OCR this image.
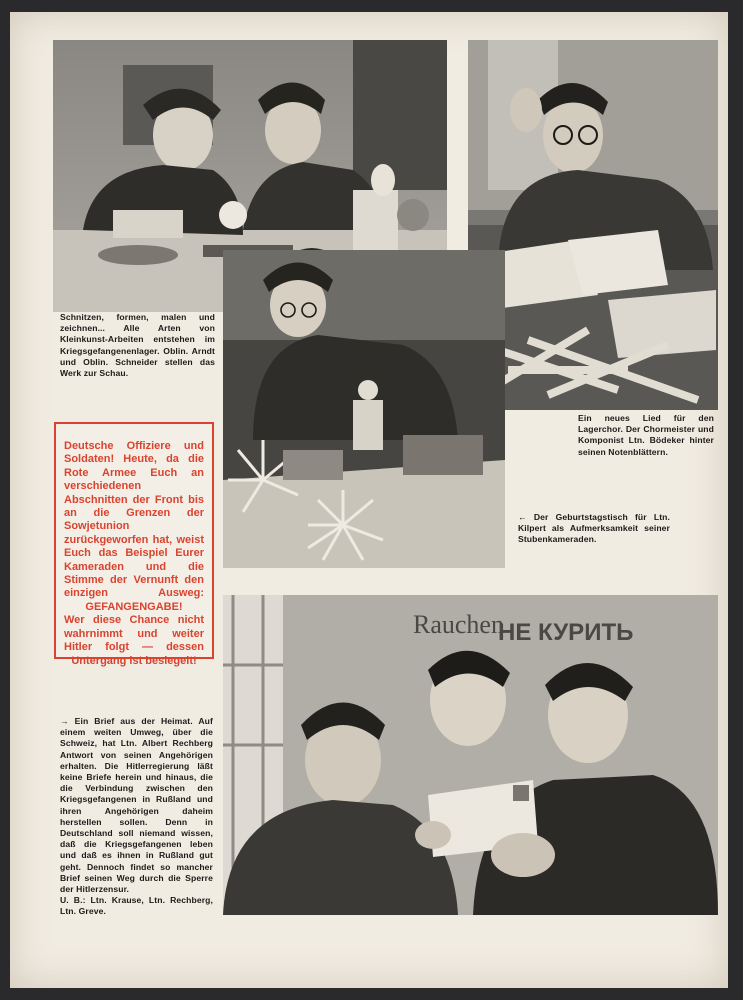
Schnitzen, formen, malen und zeichnen... Alle Arten von Kleinkunst-Arbeiten entstehen im Kriegsgefangenenlager. Oblin. Arndt und Oblin. Schneider stellen das Werk zur Schau.
Ein neues Lied für den Lagerchor. Der Chormeister und Komponist Ltn. Bödeker hinter seinen Notenblättern.

Deutsche Offiziere und Soldaten! Heute, da die Rote Armee Euch an verschiedenen Abschnitten der Front bis an die Grenzen der Sowjetunion zurückgeworfen hat, weist Euch das Beispiel Eurer Kameraden und die Stimme der Vernunft den einzigen Ausweg: GEFANGENGABE!

Wer diese Chance nicht wahrnimmt und weiter Hitler folgt — dessen Untergang ist besiegelt!

← Der Geburtstagstisch für Ltn. Kilpert als Aufmerksamkeit seiner Stubenkameraden.
Rauchen
НЕ КУРИТЬ
→ Ein Brief aus der Heimat. Auf einem weiten Umweg, über die Schweiz, hat Ltn. Albert Rechberg Antwort von seinen Angehörigen erhalten. Die Hitlerregierung läßt keine Briefe herein und hinaus, die die Verbindung zwischen den Kriegsgefangenen in Rußland und ihren Angehörigen daheim herstellen sollen. Denn in Deutschland soll niemand wissen, daß die Kriegsgefangenen leben und daß es ihnen in Rußland gut geht. Dennoch findet so mancher Brief seinen Weg durch die Sperre der Hitlerzensur.
U. B.: Ltn. Krause, Ltn. Rechberg, Ltn. Greve.
